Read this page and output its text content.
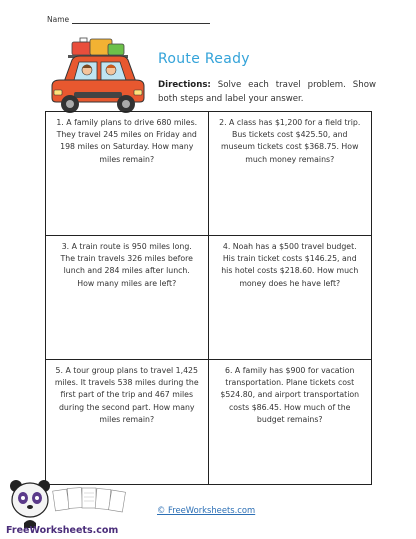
Name
Route Ready
Directions: Solve each travel problem. Show both steps and label your answer.
1. A family plans to drive 680 miles. They travel 245 miles on Friday and 198 miles on Saturday. How many miles remain?
2. A class has $1,200 for a field trip. Bus tickets cost $425.50, and museum tickets cost $368.75. How much money remains?
3. A train route is 950 miles long. The train travels 326 miles before lunch and 284 miles after lunch. How many miles are left?
4. Noah has a $500 travel budget. His train ticket costs $146.25, and his hotel costs $218.60. How much money does he have left?
5. A tour group plans to travel 1,425 miles. It travels 538 miles during the first part of the trip and 467 miles during the second part. How many miles remain?
6. A family has $900 for vacation transportation. Plane tickets cost $524.80, and airport transportation costs $86.45. How much of the budget remains?
FreeWorksheets.com
© FreeWorksheets.com
